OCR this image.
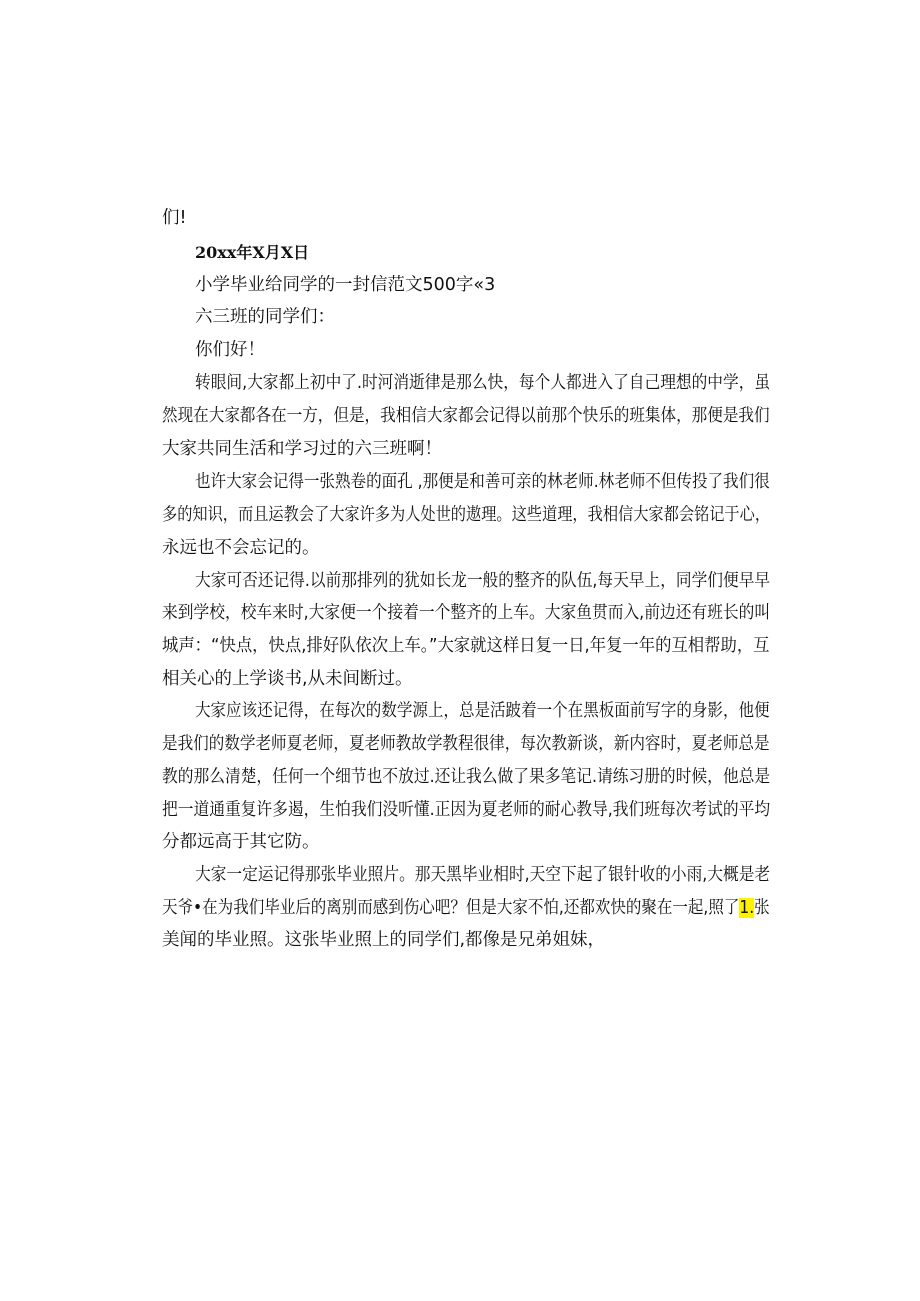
们!
20xx年X月X日
小学毕业给同学的一封信范文500字«3
六三班的同学们：
你们好！
转眼间,大家都上初中了.时河消逝律是那么快，每个人都进入了自己理想的中学，虽
然现在大家都各在一方，但是，我相信大家都会记得以前那个快乐的班集体，那便是我们
大家共同生活和学习过的六三班啊！
也许大家会记得一张熟卷的面孔 ,那便是和善可亲的林老师.林老师不但传投了我们很
多的知识，而且运教会了大家许多为人处世的遨理。这些道理，我相信大家都会铭记于心，
永远也不会忘记的。
大家可否还记得.以前那排列的犹如长龙一般的整齐的队伍,每天早上，同学们便早早
来到学校，校车来时,大家便一个接着一个整齐的上车。大家鱼贯而入,前边还有班长的叫
城声：“快点，快点,排好队依次上车。”大家就这样日复一日,年复一年的互相帮助，互
相关心的上学谈书,从未间断过。
大家应该还记得，在每次的数学源上，总是活跛着一个在黑板面前写字的身影，他便
是我们的数学老师夏老师，夏老师教故学教程很律，每次教新谈，新内容时，夏老师总是
教的那么清楚，任何一个细节也不放过.还让我么做了果多笔记.请练习册的时候，他总是
把一道通重复许多遏，生怕我们没听懂.正因为夏老师的耐心教导,我们班每次考试的平均
分都远高于其它防。
大家一定运记得那张毕业照片。那天黑毕业相时,天空下起了银针收的小雨,大概是老
天爷•在为我们毕业后的离别而感到伤心吧？但是大家不怕,还都欢快的聚在一起,照了1.张
美闻的毕业照。这张毕业照上的同学们,都像是兄弟姐妹，
